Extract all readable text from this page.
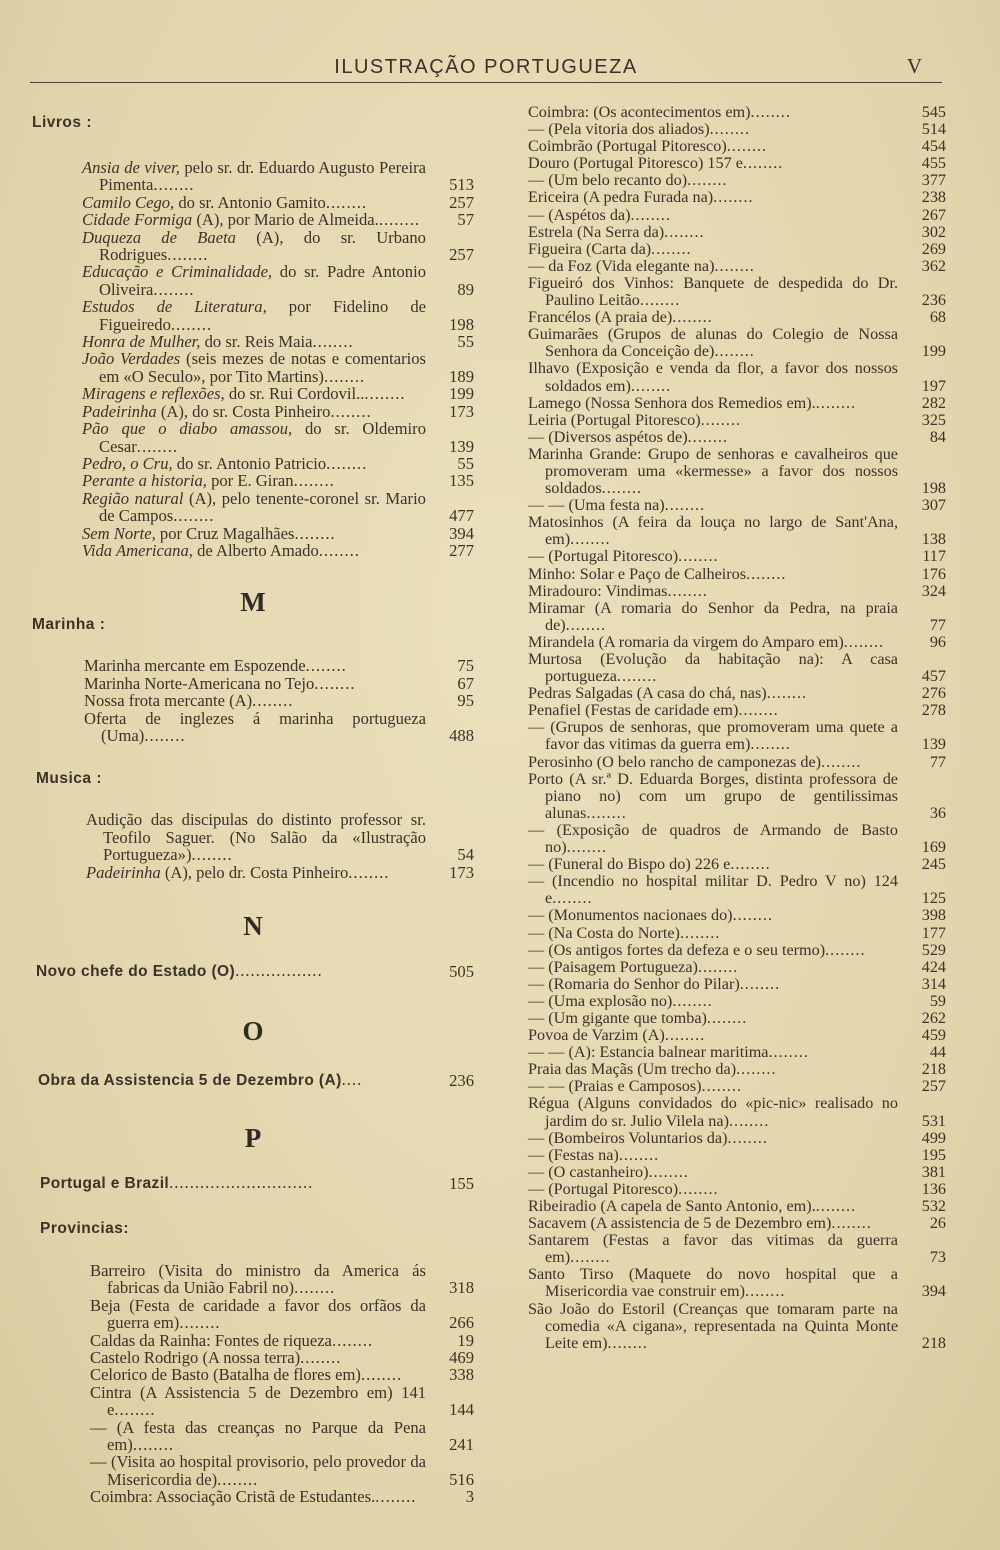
ILUSTRAÇÃO PORTUGUEZA	V
Livros :
Ansia de viver, pelo sr. dr. Eduardo Augusto Pereira Pimenta........	513
Camilo Cego, do sr. Antonio Gamito........	257
Cidade Formiga (A), por Mario de Almeida.........	57
Duqueza de Baeta (A), do sr. Urbano Rodrigues........	257
Educação e Criminalidade, do sr. Padre Antonio Oliveira........	89
Estudos de Literatura, por Fidelino de Figueiredo........	198
Honra de Mulher, do sr. Reis Maia........	55
João Verdades (seis mezes de notas e comentarios em «O Seculo», por Tito Martins)........	189
Miragens e reflexões, do sr. Rui Cordovil..........	199
Padeirinha (A), do sr. Costa Pinheiro........	173
Pão que o diabo amassou, do sr. Oldemiro Cesar........	139
Pedro, o Cru, do sr. Antonio Patricio........	55
Perante a historia, por E. Giran........	135
Região natural (A), pelo tenente-coronel sr. Mario de Campos........	477
Sem Norte, por Cruz Magalhães........	394
Vida Americana, de Alberto Amado........	277
M
Marinha :
Marinha mercante em Espozende........	75
Marinha Norte-Americana no Tejo........	67
Nossa frota mercante (A)........	95
Oferta de inglezes á marinha portugueza (Uma)........	488
Musica :
Audição das discipulas do distinto professor sr. Teofilo Saguer. (No Salão da «Ilustração Portugueza»)........	54
Padeirinha (A), pelo dr. Costa Pinheiro........	173
N
Novo chefe do Estado (O).................	505
O
Obra da Assistencia 5 de Dezembro (A)....	236
P
Portugal e Brazil............................	155
Provincias:
Barreiro (Visita do ministro da America ás fabricas da União Fabril no)........	318
Beja (Festa de caridade a favor dos orfãos da guerra em)........	266
Caldas da Rainha: Fontes de riqueza........	19
Castelo Rodrigo (A nossa terra)........	469
Celorico de Basto (Batalha de flores em)........	338
Cintra (A Assistencia 5 de Dezembro em) 141 e........	144
— (A festa das creanças no Parque da Pena em)........	241
— (Visita ao hospital provisorio, pelo provedor da Misericordia de)........	516
Coimbra: Associação Cristã de Estudantes.........	3
Coimbra: (Os acontecimentos em)........	545
— (Pela vitoria dos aliados)........	514
Coimbrão (Portugal Pitoresco)........	454
Douro (Portugal Pitoresco) 157 e........	455
— (Um belo recanto do)........	377
Ericeira (A pedra Furada na)........	238
— (Aspétos da)........	267
Estrela (Na Serra da)........	302
Figueira (Carta da)........	269
— da Foz (Vida elegante na)........	362
Figueiró dos Vinhos: Banquete de despedida do Dr. Paulino Leitão........	236
Francélos (A praia de)........	68
Guimarães (Grupos de alunas do Colegio de Nossa Senhora da Conceição de)........	199
Ilhavo (Exposição e venda da flor, a favor dos nossos soldados em)........	197
Lamego (Nossa Senhora dos Remedios em).........	282
Leiria (Portugal Pitoresco)........	325
— (Diversos aspétos de)........	84
Marinha Grande: Grupo de senhoras e cavalheiros que promoveram uma «kermesse» a favor dos nossos soldados........	198
— — (Uma festa na)........	307
Matosinhos (A feira da louça no largo de Sant'Ana, em)........	138
— (Portugal Pitoresco)........	117
Minho: Solar e Paço de Calheiros........	176
Miradouro: Vindimas........	324
Miramar (A romaria do Senhor da Pedra, na praia de)........	77
Mirandela (A romaria da virgem do Amparo em)........	96
Murtosa (Evolução da habitação na): A casa portugueza........	457
Pedras Salgadas (A casa do chá, nas)........	276
Penafiel (Festas de caridade em)........	278
— (Grupos de senhoras, que promoveram uma quete a favor das vitimas da guerra em)........	139
Perosinho (O belo rancho de camponezas de)........	77
Porto (A sr.ª D. Eduarda Borges, distinta professora de piano no) com um grupo de gentilissimas alunas........	36
— (Exposição de quadros de Armando de Basto no)........	169
— (Funeral do Bispo do) 226 e........	245
— (Incendio no hospital militar D. Pedro V no) 124 e........	125
— (Monumentos nacionaes do)........	398
— (Na Costa do Norte)........	177
— (Os antigos fortes da defeza e o seu termo)........	529
— (Paisagem Portugueza)........	424
— (Romaria do Senhor do Pilar)........	314
— (Uma explosão no)........	59
— (Um gigante que tomba)........	262
Povoa de Varzim (A)........	459
— — (A): Estancia balnear maritima........	44
Praia das Maçãs (Um trecho da)........	218
— — (Praias e Camposos)........	257
Régua (Alguns convidados do «pic-nic» realisado no jardim do sr. Julio Vilela na)........	531
— (Bombeiros Voluntarios da)........	499
— (Festas na)........	195
— (O castanheiro)........	381
— (Portugal Pitoresco)........	136
Ribeiradio (A capela de Santo Antonio, em).........	532
Sacavem (A assistencia de 5 de Dezembro em)........	26
Santarem (Festas a favor das vitimas da guerra em)........	73
Santo Tirso (Maquete do novo hospital que a Misericordia vae construir em)........	394
São João do Estoril (Creanças que tomaram parte na comedia «A cigana», representada na Quinta Monte Leite em)........	218
